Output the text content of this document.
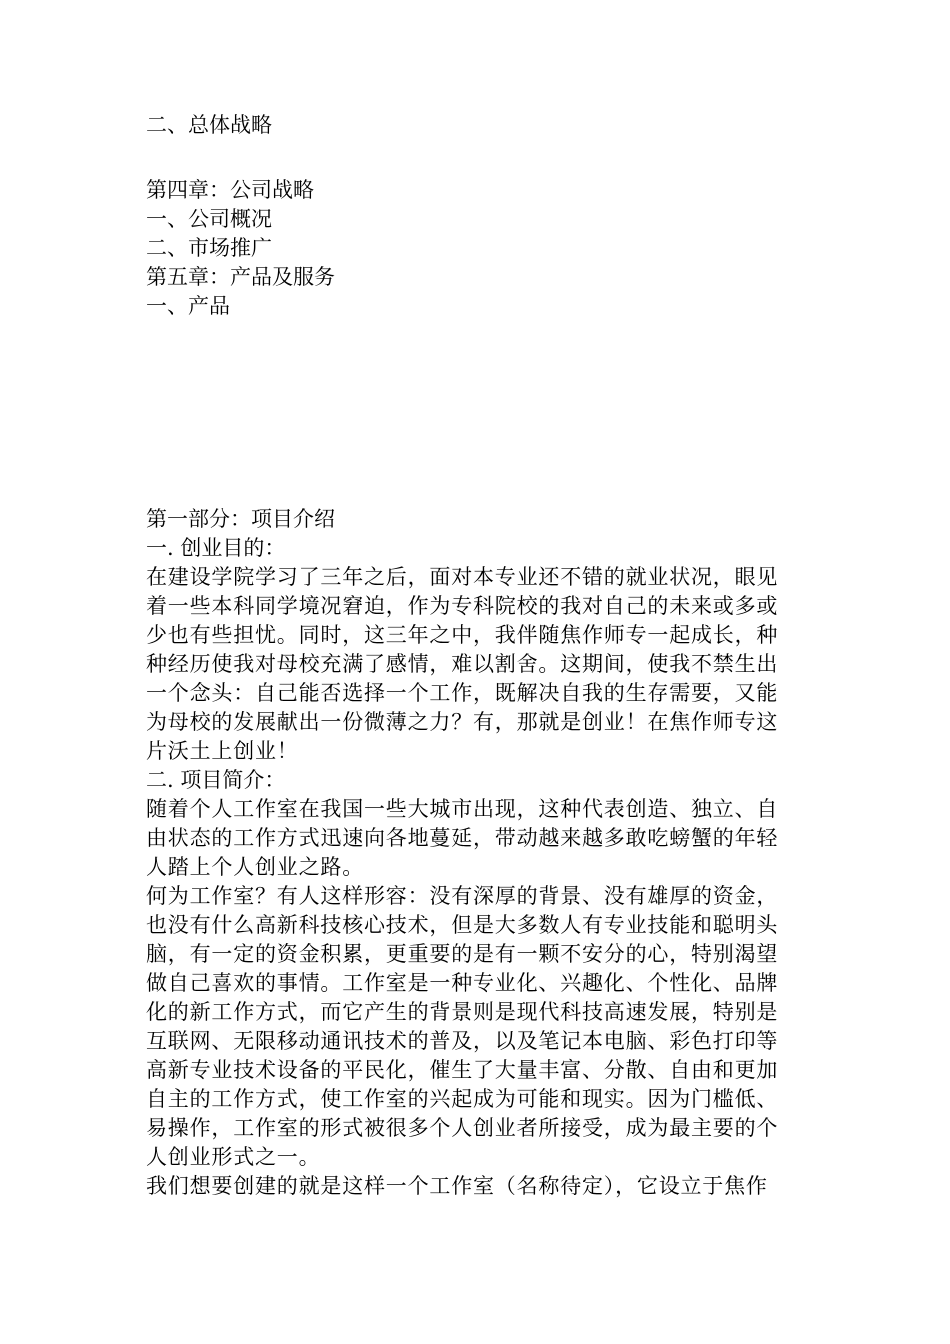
二、总体战略
第四章：公司战略
一、公司概况
二、市场推广
第五章：产品及服务
一、产品
第一部分：项目介绍
一. 创业目的：
在建设学院学习了三年之后，面对本专业还不错的就业状况，眼见
着一些本科同学境况窘迫，作为专科院校的我对自己的未来或多或
少也有些担忧。同时，这三年之中，我伴随焦作师专一起成长，种
种经历使我对母校充满了感情，难以割舍。这期间，使我不禁生出
一个念头：自己能否选择一个工作，既解决自我的生存需要，又能
为母校的发展献出一份微薄之力？有，那就是创业！在焦作师专这
片沃土上创业！
二. 项目简介：
随着个人工作室在我国一些大城市出现，这种代表创造、独立、自
由状态的工作方式迅速向各地蔓延，带动越来越多敢吃螃蟹的年轻
人踏上个人创业之路。
何为工作室？有人这样形容：没有深厚的背景、没有雄厚的资金，
也没有什么高新科技核心技术，但是大多数人有专业技能和聪明头
脑，有一定的资金积累，更重要的是有一颗不安分的心，特别渴望
做自己喜欢的事情。工作室是一种专业化、兴趣化、个性化、品牌
化的新工作方式，而它产生的背景则是现代科技高速发展，特别是
互联网、无限移动通讯技术的普及，以及笔记本电脑、彩色打印等
高新专业技术设备的平民化，催生了大量丰富、分散、自由和更加
自主的工作方式，使工作室的兴起成为可能和现实。因为门槛低、
易操作，工作室的形式被很多个人创业者所接受，成为最主要的个
人创业形式之一。
我们想要创建的就是这样一个工作室（名称待定），它设立于焦作
